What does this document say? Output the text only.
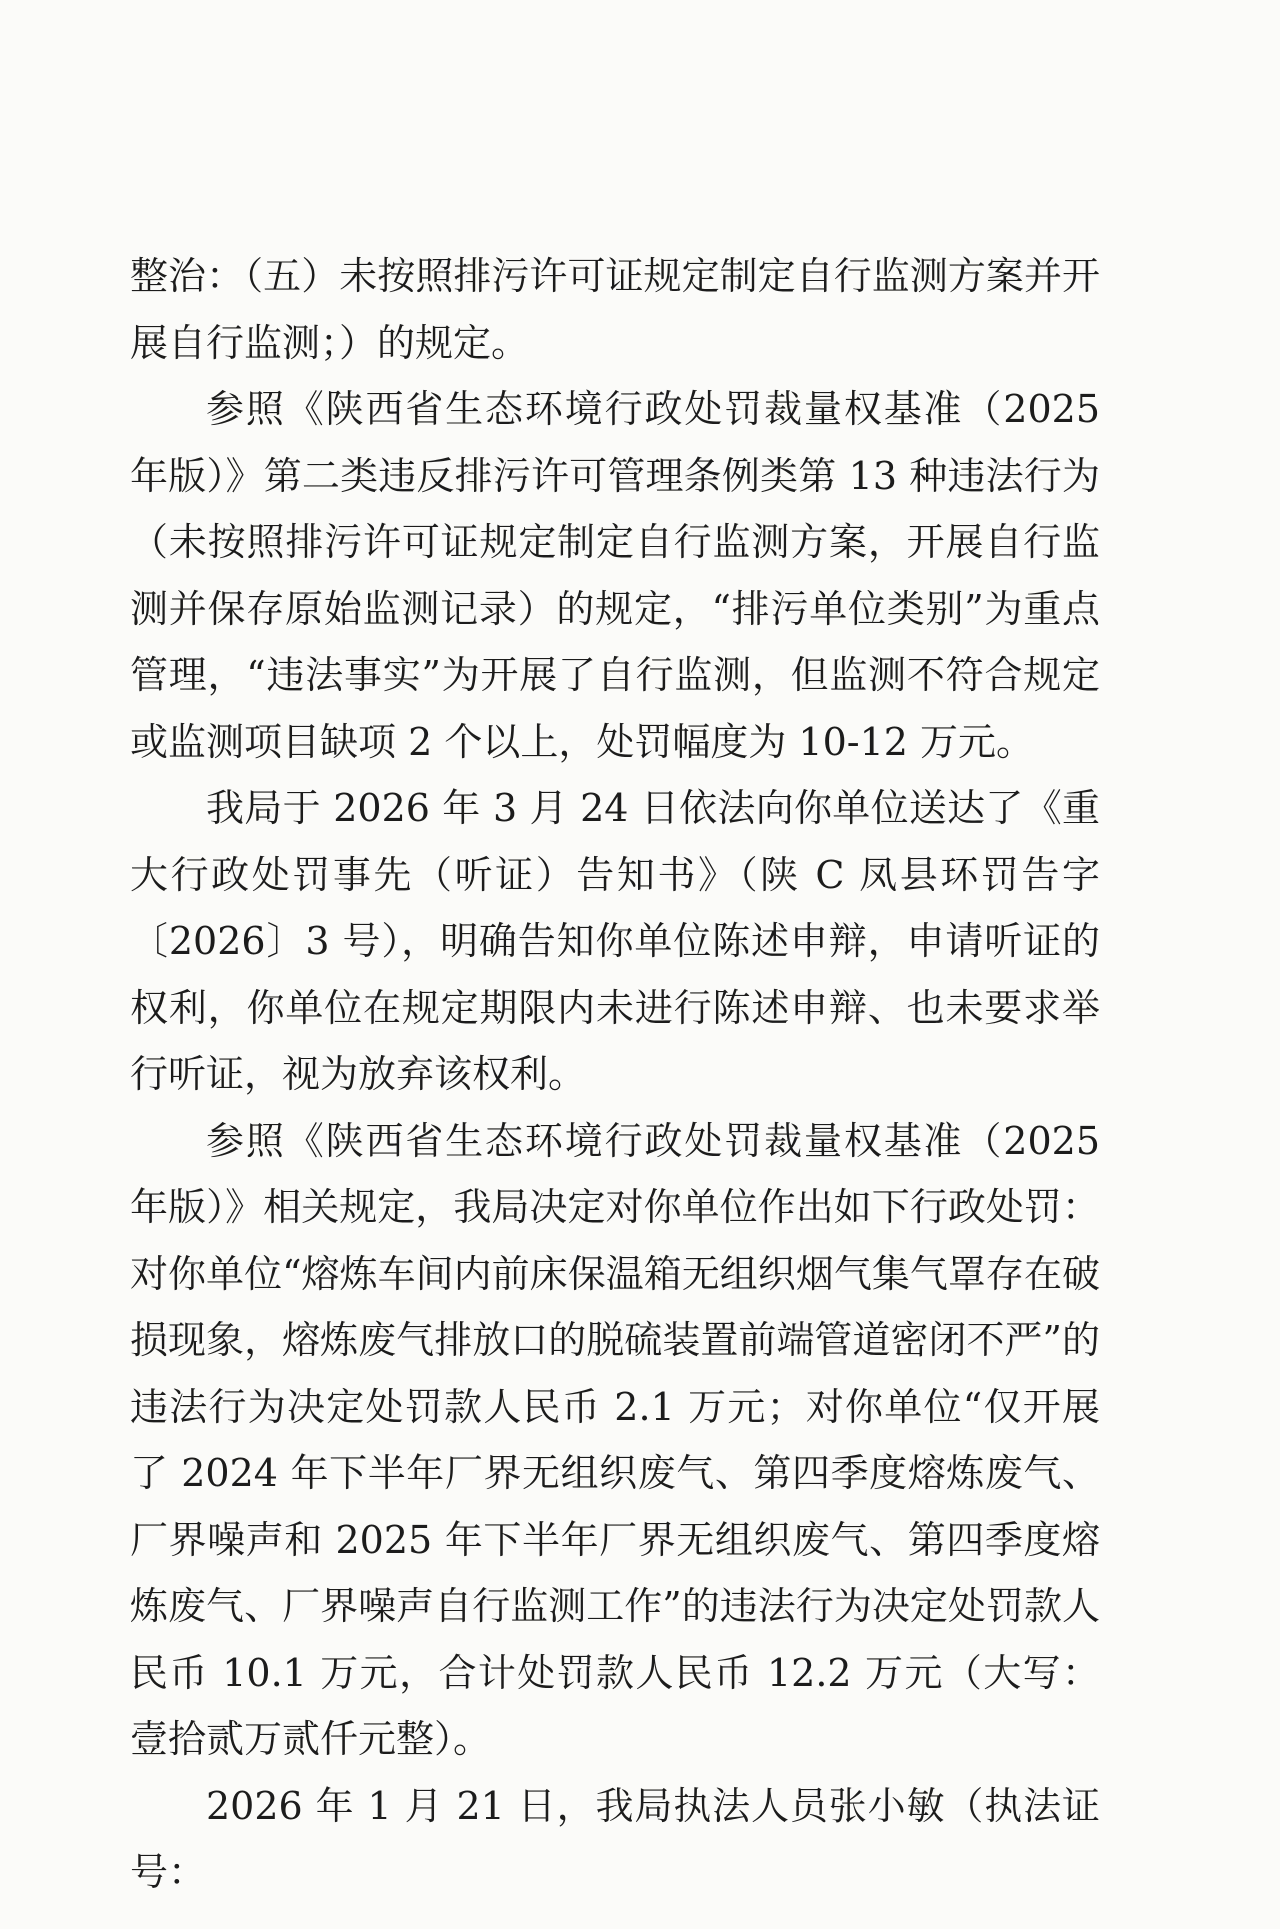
整治：（五）未按照排污许可证规定制定自行监测方案并开展自行监测；）的规定。

参照《陕西省生态环境行政处罚裁量权基准（2025 年版）》第二类违反排污许可管理条例类第 13 种违法行为（未按照排污许可证规定制定自行监测方案，开展自行监测并保存原始监测记录）的规定，“排污单位类别”为重点管理，“违法事实”为开展了自行监测，但监测不符合规定或监测项目缺项 2 个以上，处罚幅度为 10-12 万元。

我局于 2026 年 3 月 24 日依法向你单位送达了《重大行政处罚事先（听证）告知书》（陕 C 凤县环罚告字〔2026〕3 号），明确告知你单位陈述申辩，申请听证的权利，你单位在规定期限内未进行陈述申辩、也未要求举行听证，视为放弃该权利。

参照《陕西省生态环境行政处罚裁量权基准（2025 年版）》相关规定，我局决定对你单位作出如下行政处罚：对你单位“熔炼车间内前床保温箱无组织烟气集气罩存在破损现象，熔炼废气排放口的脱硫装置前端管道密闭不严”的违法行为决定处罚款人民币 2.1 万元；对你单位“仅开展了 2024 年下半年厂界无组织废气、第四季度熔炼废气、厂界噪声和 2025 年下半年厂界无组织废气、第四季度熔炼废气、厂界噪声自行监测工作”的违法行为决定处罚款人民币 10.1 万元，合计处罚款人民币 12.2 万元（大写：壹拾贰万贰仟元整）。

2026 年 1 月 21 日，我局执法人员张小敏（执法证号：
